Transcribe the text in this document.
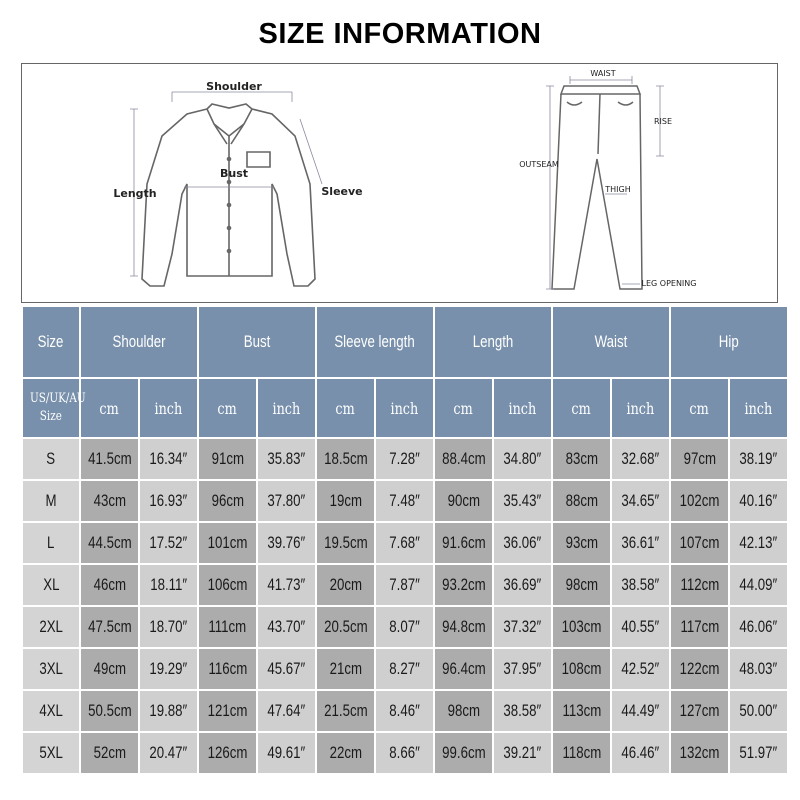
SIZE INFORMATION
Shoulder
Bust
Length	Sleeve
WAIST
RISE
OUTSEAM
THIGH
LEG OPENING
Size	Shoulder		Bust		Sleeve length		Length		Waist		Hip	
US/UK/AU
Size	cm	inch	cm	inch	cm	inch	cm	inch	cm	inch	cm	inch
S	41.5cm	16.34″	91cm	35.83″	18.5cm	7.28″	88.4cm	34.80″	83cm	32.68″	97cm	38.19″
M	43cm	16.93″	96cm	37.80″	19cm	7.48″	90cm	35.43″	88cm	34.65″	102cm	40.16″
L	44.5cm	17.52″	101cm	39.76″	19.5cm	7.68″	91.6cm	36.06″	93cm	36.61″	107cm	42.13″
XL	46cm	18.11″	106cm	41.73″	20cm	7.87″	93.2cm	36.69″	98cm	38.58″	112cm	44.09″
2XL	47.5cm	18.70″	111cm	43.70″	20.5cm	8.07″	94.8cm	37.32″	103cm	40.55″	117cm	46.06″
3XL	49cm	19.29″	116cm	45.67″	21cm	8.27″	96.4cm	37.95″	108cm	42.52″	122cm	48.03″
4XL	50.5cm	19.88″	121cm	47.64″	21.5cm	8.46″	98cm	38.58″	113cm	44.49″	127cm	50.00″
5XL	52cm	20.47″	126cm	49.61″	22cm	8.66″	99.6cm	39.21″	118cm	46.46″	132cm	51.97″
